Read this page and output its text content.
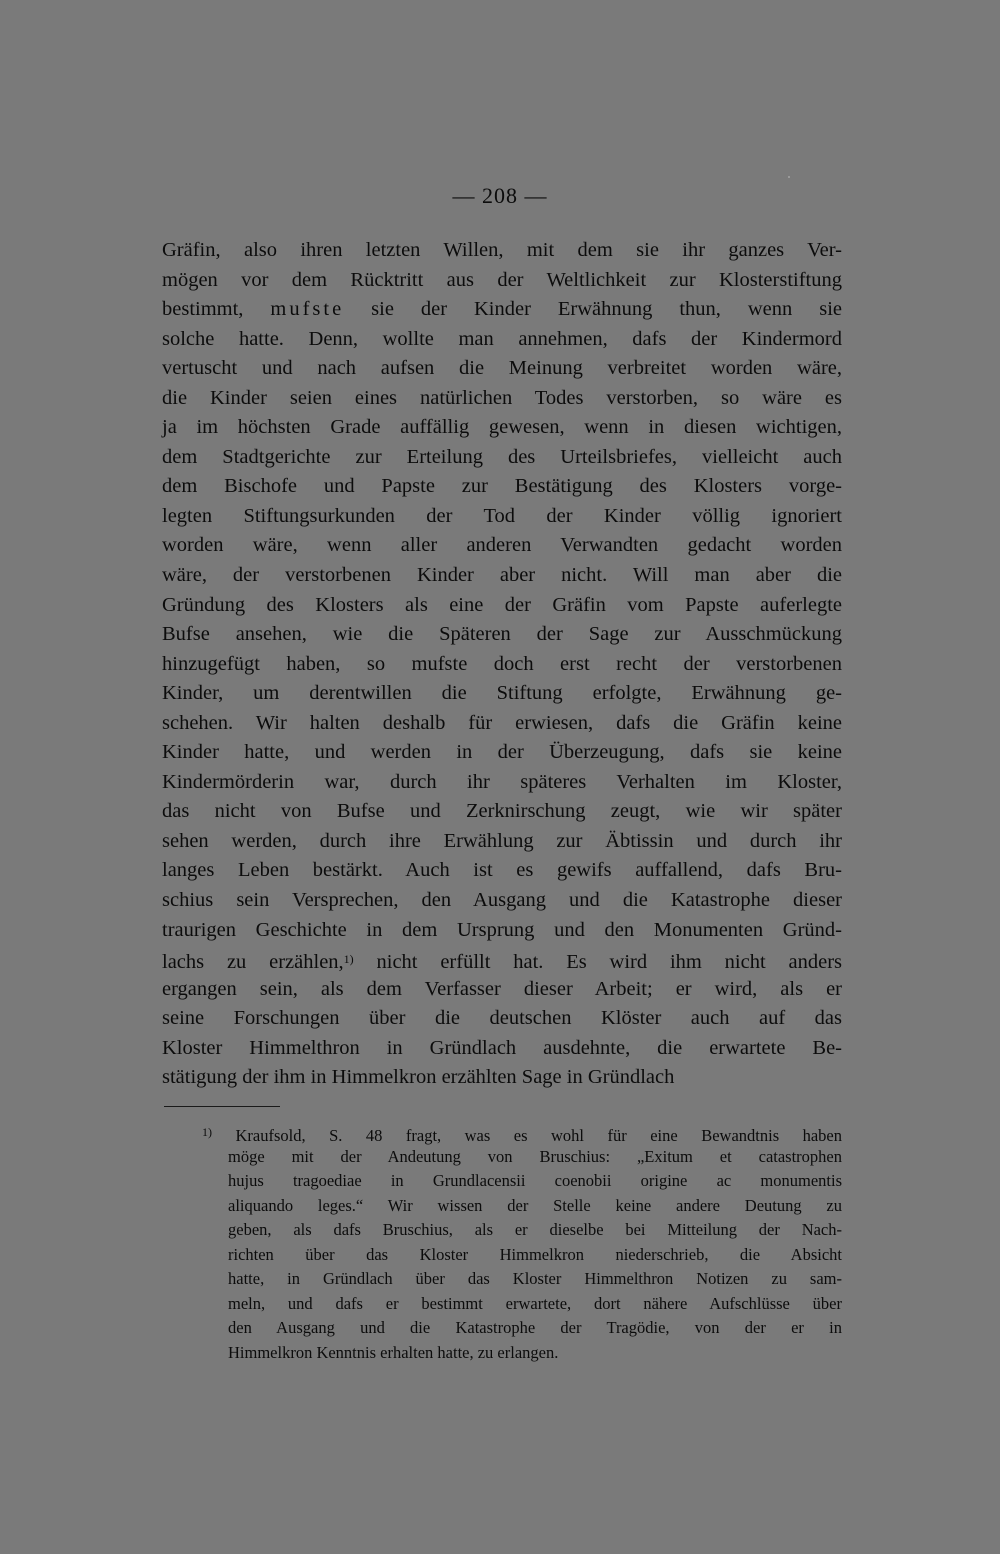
— 208 —
Gräfin, also ihren letzten Willen, mit dem sie ihr ganzes Ver-
mögen vor dem Rücktritt aus der Weltlichkeit zur Klosterstiftung
bestimmt, mufste sie der Kinder Erwähnung thun, wenn sie
solche hatte. Denn, wollte man annehmen, dafs der Kindermord
vertuscht und nach aufsen die Meinung verbreitet worden wäre,
die Kinder seien eines natürlichen Todes verstorben, so wäre es
ja im höchsten Grade auffällig gewesen, wenn in diesen wichtigen,
dem Stadtgerichte zur Erteilung des Urteilsbriefes, vielleicht auch
dem Bischofe und Papste zur Bestätigung des Klosters vorge-
legten Stiftungsurkunden der Tod der Kinder völlig ignoriert
worden wäre, wenn aller anderen Verwandten gedacht worden
wäre, der verstorbenen Kinder aber nicht. Will man aber die
Gründung des Klosters als eine der Gräfin vom Papste auferlegte
Bufse ansehen, wie die Späteren der Sage zur Ausschmückung
hinzugefügt haben, so mufste doch erst recht der verstorbenen
Kinder, um derentwillen die Stiftung erfolgte, Erwähnung ge-
schehen. Wir halten deshalb für erwiesen, dafs die Gräfin keine
Kinder hatte, und werden in der Überzeugung, dafs sie keine
Kindermörderin war, durch ihr späteres Verhalten im Kloster,
das nicht von Bufse und Zerknirschung zeugt, wie wir später
sehen werden, durch ihre Erwählung zur Äbtissin und durch ihr
langes Leben bestärkt. Auch ist es gewifs auffallend, dafs Bru-
schius sein Versprechen, den Ausgang und die Katastrophe dieser
traurigen Geschichte in dem Ursprung und den Monumenten Gründ-
lachs zu erzählen,$^{1)}$ nicht erfüllt hat. Es wird ihm nicht anders
ergangen sein, als dem Verfasser dieser Arbeit; er wird, als er
seine Forschungen über die deutschen Klöster auch auf das
Kloster Himmelthron in Gründlach ausdehnte, die erwartete Be-
stätigung der ihm in Himmelkron erzählten Sage in Gründlach
$^{1)}$ Kraufsold, S. 48 fragt, was es wohl für eine Bewandtnis haben
möge mit der Andeutung von Bruschius: „Exitum et catastrophen
hujus tragoediae in Grundlacensii coenobii origine ac monumentis
aliquando leges.“ Wir wissen der Stelle keine andere Deutung zu
geben, als dafs Bruschius, als er dieselbe bei Mitteilung der Nach-
richten über das Kloster Himmelkron niederschrieb, die Absicht
hatte, in Gründlach über das Kloster Himmelthron Notizen zu sam-
meln, und dafs er bestimmt erwartete, dort nähere Aufschlüsse über
den Ausgang und die Katastrophe der Tragödie, von der er in
Himmelkron Kenntnis erhalten hatte, zu erlangen.
